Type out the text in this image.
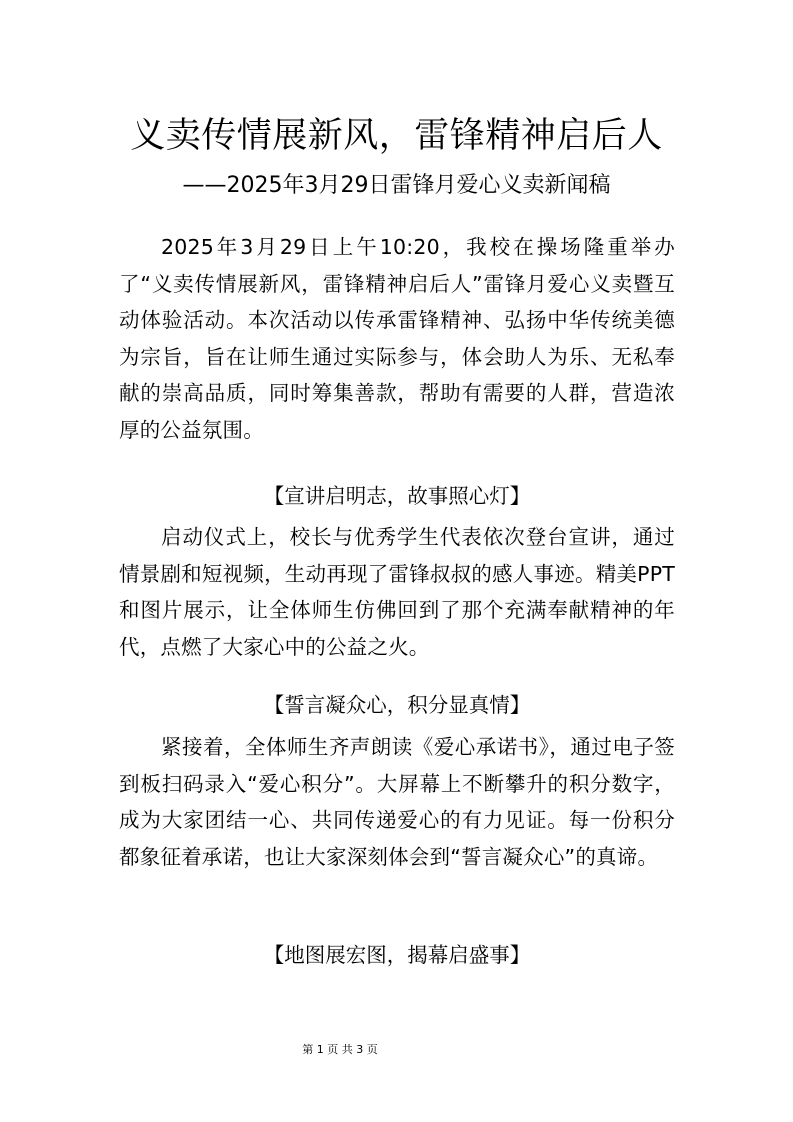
义卖传情展新风，雷锋精神启后人
——2025年3月29日雷锋月爱心义卖新闻稿

2025年3月29日上午10:20，我校在操场隆重举办了“义卖传情展新风，雷锋精神启后人”雷锋月爱心义卖暨互动体验活动。本次活动以传承雷锋精神、弘扬中华传统美德为宗旨，旨在让师生通过实际参与，体会助人为乐、无私奉献的崇高品质，同时筹集善款，帮助有需要的人群，营造浓厚的公益氛围。

【宣讲启明志，故事照心灯】

启动仪式上，校长与优秀学生代表依次登台宣讲，通过情景剧和短视频，生动再现了雷锋叔叔的感人事迹。精美PPT和图片展示，让全体师生仿佛回到了那个充满奉献精神的年代，点燃了大家心中的公益之火。

【誓言凝众心，积分显真情】

紧接着，全体师生齐声朗读《爱心承诺书》，通过电子签到板扫码录入“爱心积分”。大屏幕上不断攀升的积分数字，成为大家团结一心、共同传递爱心的有力见证。每一份积分都象征着承诺，也让大家深刻体会到“誓言凝众心”的真谛。

【地图展宏图，揭幕启盛事】

第 1 页 共 3 页
